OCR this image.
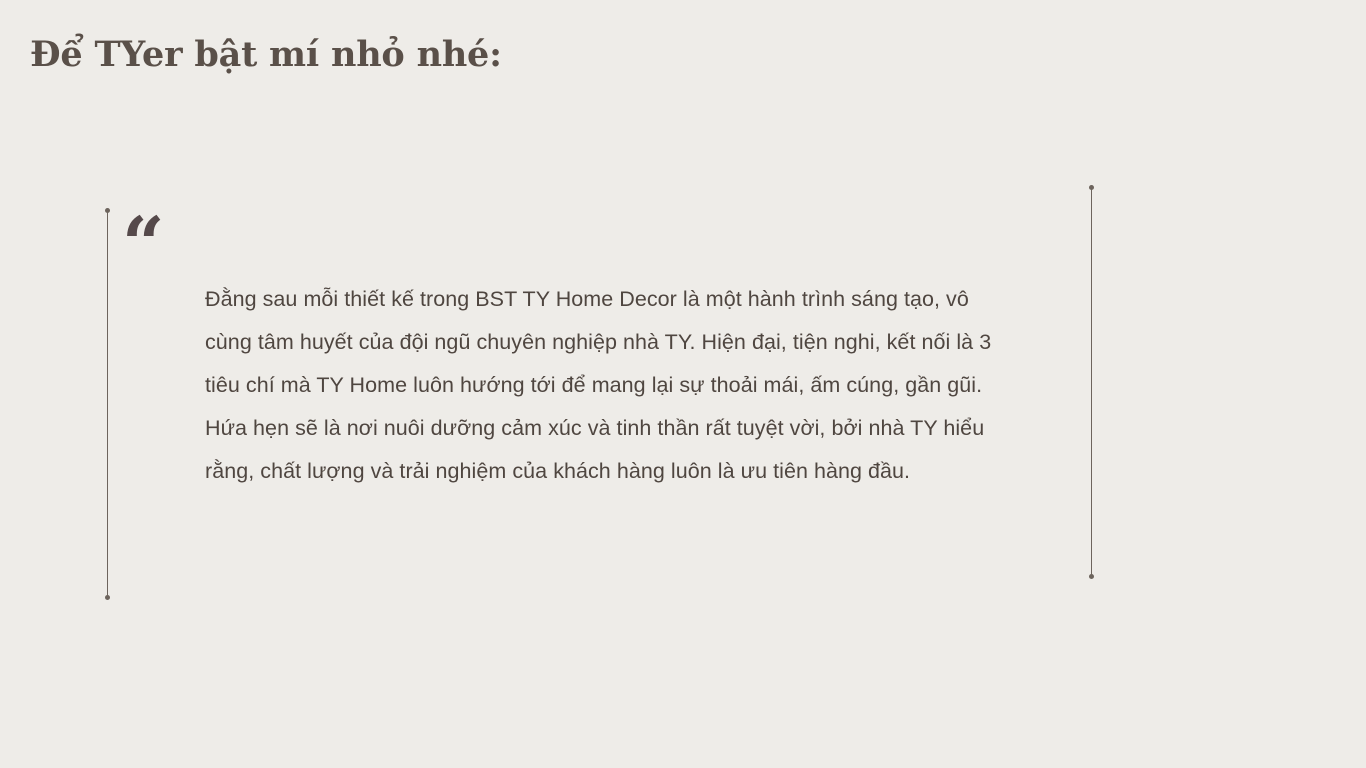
Để TYer bật mí nhỏ nhé:
“
Đằng sau mỗi thiết kế trong BST TY Home Decor là một hành trình sáng tạo, vô cùng tâm huyết của đội ngũ chuyên nghiệp nhà TY. Hiện đại, tiện nghi, kết nối là 3 tiêu chí mà TY Home luôn hướng tới để mang lại sự thoải mái, ấm cúng, gần gũi. Hứa hẹn sẽ là nơi nuôi dưỡng cảm xúc và tinh thần rất tuyệt vời, bởi nhà TY hiểu rằng, chất lượng và trải nghiệm của khách hàng luôn là ưu tiên hàng đầu.
